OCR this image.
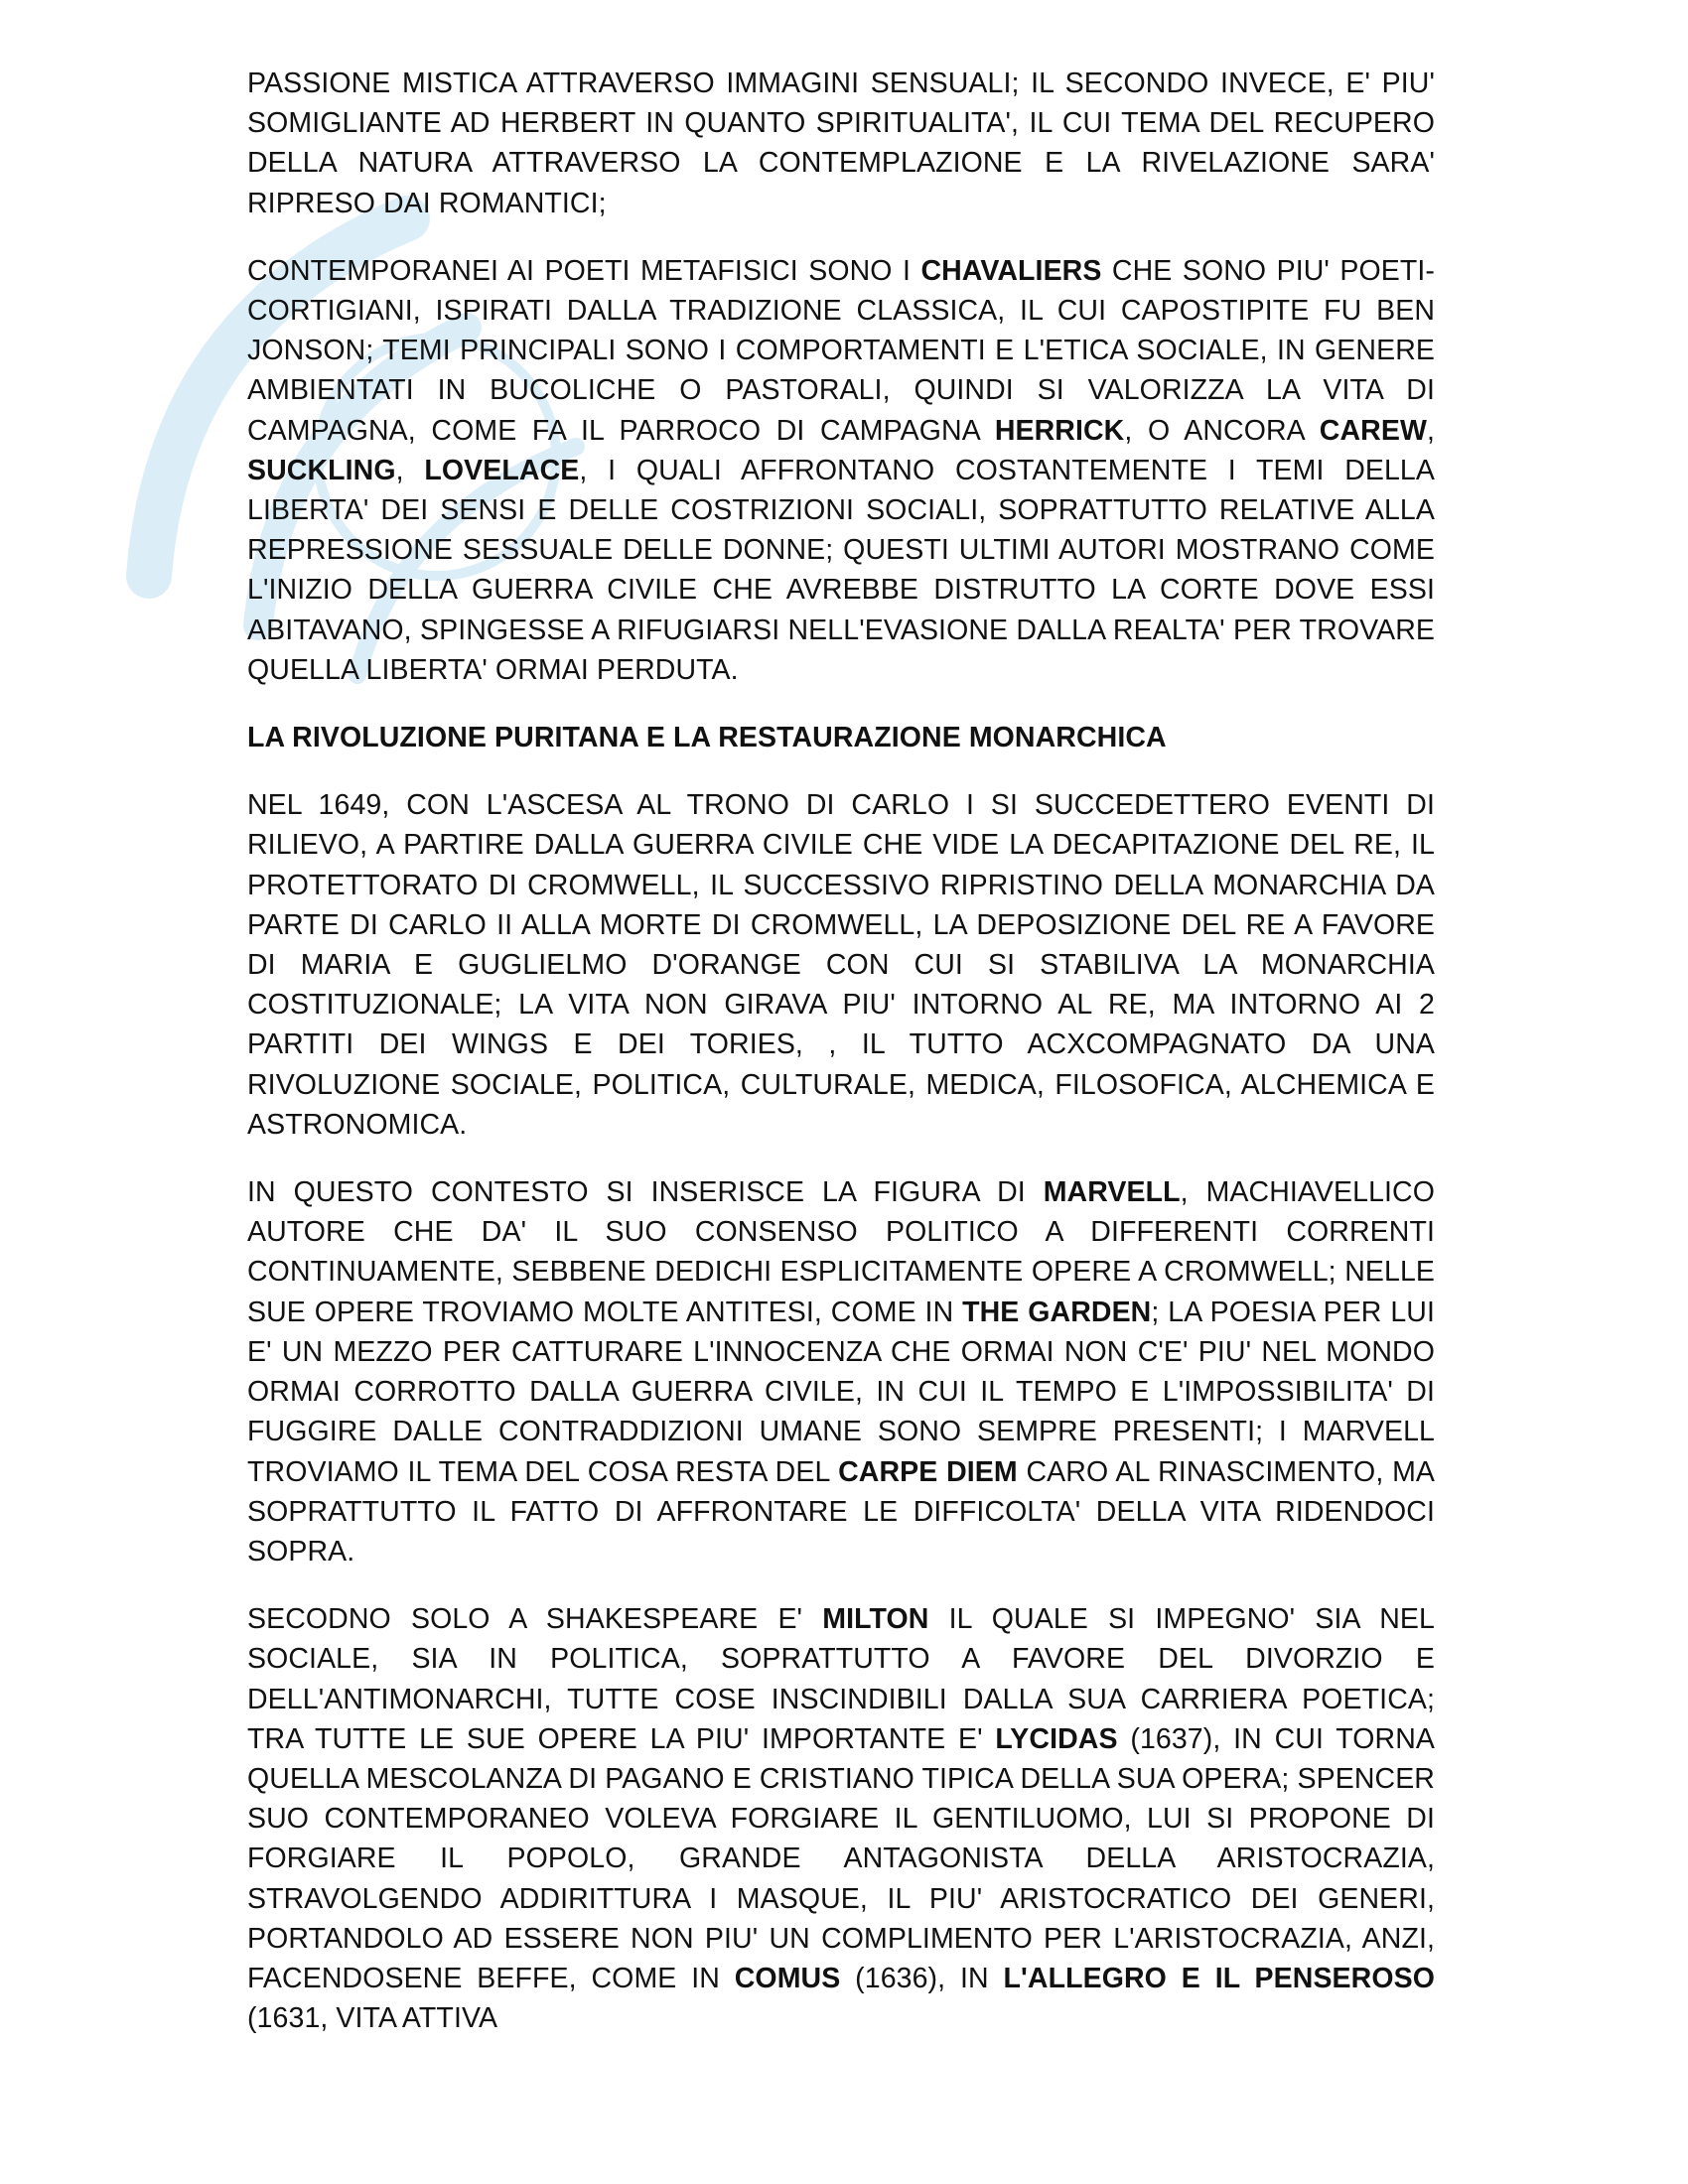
PASSIONE MISTICA ATTRAVERSO IMMAGINI SENSUALI; IL SECONDO INVECE, E' PIU' SOMIGLIANTE AD HERBERT IN QUANTO SPIRITUALITA', IL CUI TEMA DEL RECUPERO DELLA NATURA ATTRAVERSO LA CONTEMPLAZIONE E LA RIVELAZIONE SARA' RIPRESO DAI ROMANTICI;

CONTEMPORANEI AI POETI METAFISICI SONO I CHAVALIERS CHE SONO PIU' POETI-CORTIGIANI, ISPIRATI DALLA TRADIZIONE CLASSICA, IL CUI CAPOSTIPITE FU BEN JONSON; TEMI PRINCIPALI SONO I COMPORTAMENTI E L'ETICA SOCIALE, IN GENERE AMBIENTATI IN BUCOLICHE O PASTORALI, QUINDI SI VALORIZZA LA VITA DI CAMPAGNA, COME FA IL PARROCO DI CAMPAGNA HERRICK, O ANCORA CAREW, SUCKLING, LOVELACE, I QUALI AFFRONTANO COSTANTEMENTE I TEMI DELLA LIBERTA' DEI SENSI E DELLE COSTRIZIONI SOCIALI, SOPRATTUTTO RELATIVE ALLA REPRESSIONE SESSUALE DELLE DONNE; QUESTI ULTIMI AUTORI MOSTRANO COME L'INIZIO DELLA GUERRA CIVILE CHE AVREBBE DISTRUTTO LA CORTE DOVE ESSI ABITAVANO, SPINGESSE A RIFUGIARSI NELL'EVASIONE DALLA REALTA' PER TROVARE QUELLA LIBERTA' ORMAI PERDUTA.

LA RIVOLUZIONE PURITANA E LA RESTAURAZIONE MONARCHICA

NEL 1649, CON L'ASCESA AL TRONO DI CARLO I SI SUCCEDETTERO EVENTI DI RILIEVO, A PARTIRE DALLA GUERRA CIVILE CHE VIDE LA DECAPITAZIONE DEL RE, IL PROTETTORATO DI CROMWELL, IL SUCCESSIVO RIPRISTINO DELLA MONARCHIA DA PARTE DI CARLO II ALLA MORTE DI CROMWELL, LA DEPOSIZIONE DEL RE A FAVORE DI MARIA E GUGLIELMO D'ORANGE CON CUI SI STABILIVA LA MONARCHIA COSTITUZIONALE; LA VITA NON GIRAVA PIU' INTORNO AL RE, MA INTORNO AI 2 PARTITI DEI WINGS E DEI TORIES, , IL TUTTO ACXCOMPAGNATO DA UNA RIVOLUZIONE SOCIALE, POLITICA, CULTURALE, MEDICA, FILOSOFICA, ALCHEMICA E ASTRONOMICA.

IN QUESTO CONTESTO SI INSERISCE LA FIGURA DI MARVELL, MACHIAVELLICO AUTORE CHE DA' IL SUO CONSENSO POLITICO A DIFFERENTI CORRENTI CONTINUAMENTE, SEBBENE DEDICHI ESPLICITAMENTE OPERE A CROMWELL; NELLE SUE OPERE TROVIAMO MOLTE ANTITESI, COME IN THE GARDEN; LA POESIA PER LUI E' UN MEZZO PER CATTURARE L'INNOCENZA CHE ORMAI NON C'E' PIU' NEL MONDO ORMAI CORROTTO DALLA GUERRA CIVILE, IN CUI IL TEMPO E L'IMPOSSIBILITA' DI FUGGIRE DALLE CONTRADDIZIONI UMANE SONO SEMPRE PRESENTI; I MARVELL TROVIAMO IL TEMA DEL COSA RESTA DEL CARPE DIEM CARO AL RINASCIMENTO, MA SOPRATTUTTO IL FATTO DI AFFRONTARE LE DIFFICOLTA' DELLA VITA RIDENDOCI SOPRA.

SECODNO SOLO A SHAKESPEARE E' MILTON IL QUALE SI IMPEGNO' SIA NEL SOCIALE, SIA IN POLITICA, SOPRATTUTTO A FAVORE DEL DIVORZIO E DELL'ANTIMONARCHI, TUTTE COSE INSCINDIBILI DALLA SUA CARRIERA POETICA; TRA TUTTE LE SUE OPERE LA PIU' IMPORTANTE E' LYCIDAS (1637), IN CUI TORNA QUELLA MESCOLANZA DI PAGANO E CRISTIANO TIPICA DELLA SUA OPERA; SPENCER SUO CONTEMPORANEO VOLEVA FORGIARE IL GENTILUOMO, LUI SI PROPONE DI FORGIARE IL POPOLO, GRANDE ANTAGONISTA DELLA ARISTOCRAZIA, STRAVOLGENDO ADDIRITTURA I MASQUE, IL PIU' ARISTOCRATICO DEI GENERI, PORTANDOLO AD ESSERE NON PIU' UN COMPLIMENTO PER L'ARISTOCRAZIA, ANZI, FACENDOSENE BEFFE, COME IN COMUS (1636), IN L'ALLEGRO E IL PENSEROSO (1631, VITA ATTIVA
